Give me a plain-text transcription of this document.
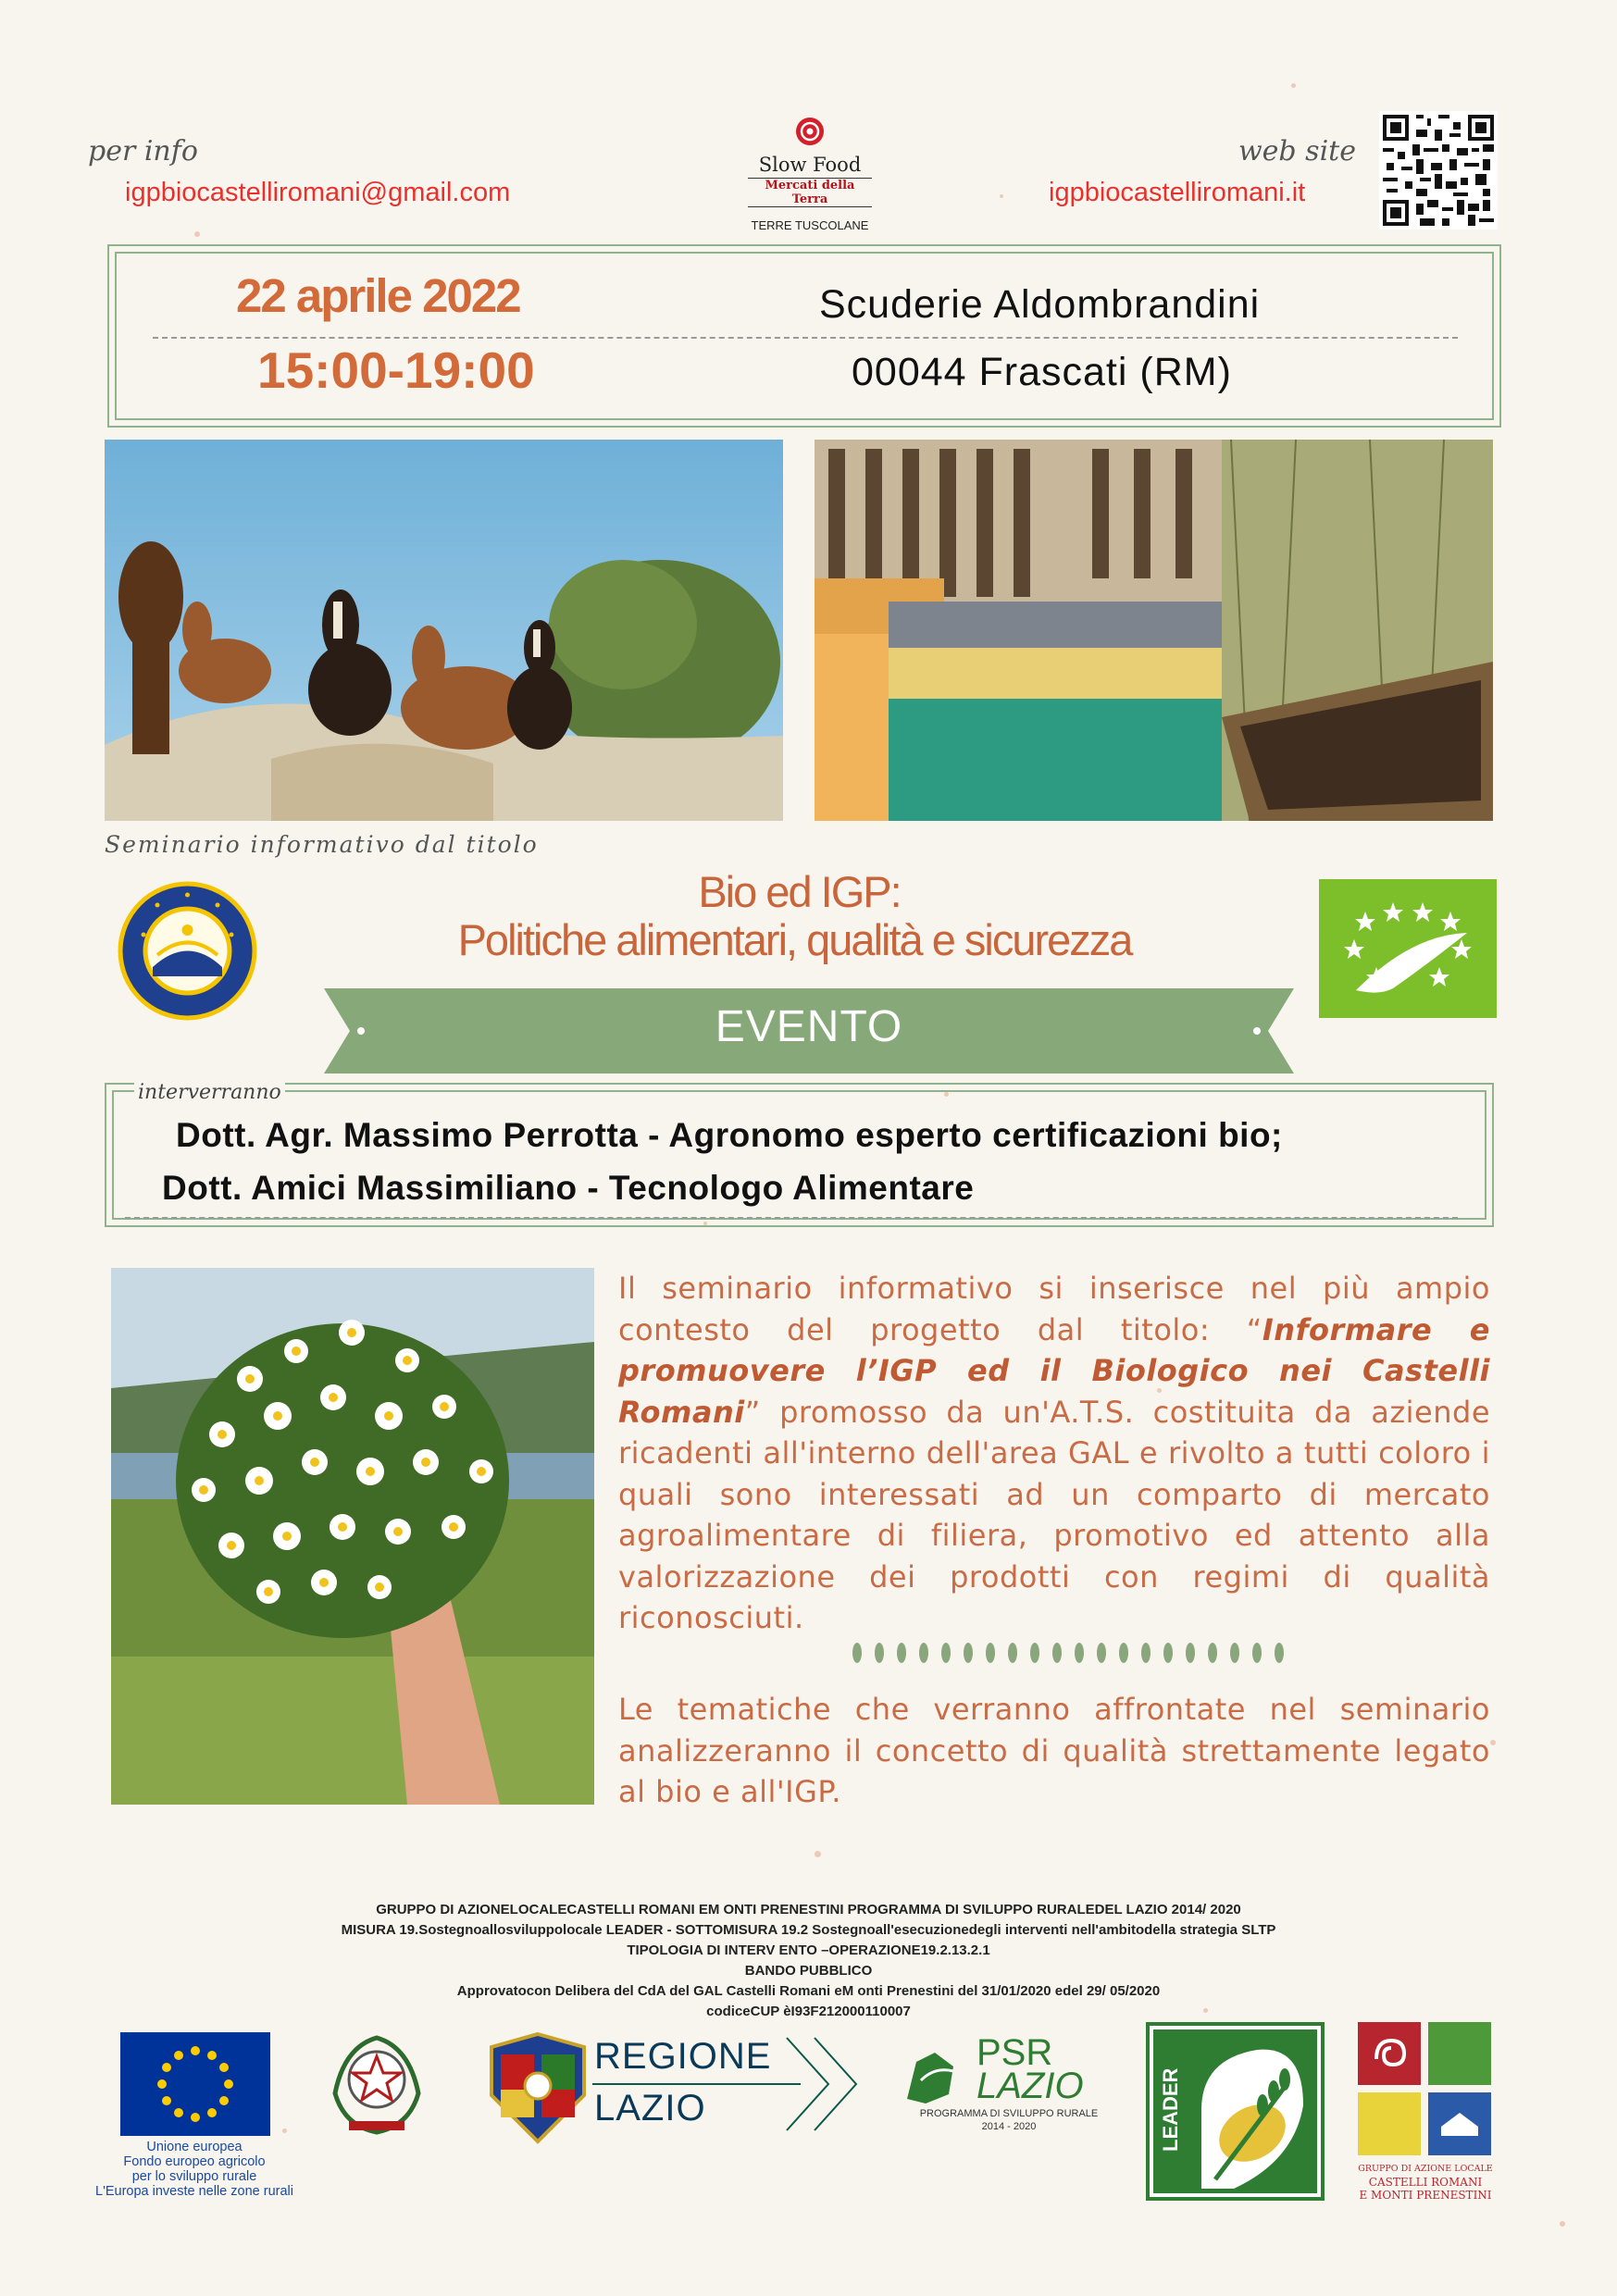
per info
igpbiocastelliromani@gmail.com
Slow Food
Mercati della Terra
TERRE TUSCOLANE
web site
igpbiocastelliromani.it
22 aprile 2022
15:00-19:00
Scuderie Aldombrandini
00044 Frascati (RM)
Seminario informativo dal titolo
Bio ed IGP:
Politiche alimentari, qualità e sicurezza
EVENTO
interverranno
Dott. Agr. Massimo Perrotta - Agronomo esperto certificazioni bio;
Dott. Amici Massimiliano - Tecnologo Alimentare
Il seminario informativo si inserisce nel più ampio contesto del progetto dal titolo: “Informare e promuovere l’IGP ed il Biologico nei Castelli Romani” promosso da un'A.T.S. costituita da aziende ricadenti all'interno dell'area GAL e rivolto a tutti coloro i quali sono interessati ad un comparto di mercato agroalimentare di filiera, promotivo ed attento alla valorizzazione dei prodotti con regimi di qualità riconosciuti.
Le tematiche che verranno affrontate nel seminario analizzeranno il concetto di qualità strettamente legato al bio e all'IGP.
GRUPPO DI AZIONELOCALECASTELLI ROMANI EM ONTI PRENESTINI PROGRAMMA DI SVILUPPO RURALEDEL LAZIO 2014/ 2020
MISURA 19.Sostegnoallosviluppolocale LEADER - SOTTOMISURA 19.2 Sostegnoall'esecuzionedegli interventi nell'ambitodella strategia SLTP
TIPOLOGIA DI INTERV ENTO –OPERAZIONE19.2.13.2.1
BANDO PUBBLICO
Approvatocon Delibera del CdA del GAL Castelli Romani eM onti Prenestini del 31/01/2020 edel 29/ 05/2020
codiceCUP èI93F212000110007
Unione europea
Fondo europeo agricolo
per lo sviluppo rurale
L'Europa investe nelle zone rurali
REGIONE
LAZIO
PSR
LAZIO
PROGRAMMA DI SVILUPPO RURALE
2014 - 2020	LEADER
GRUPPO DI AZIONE LOCALE
CASTELLI ROMANI
E MONTI PRENESTINI
